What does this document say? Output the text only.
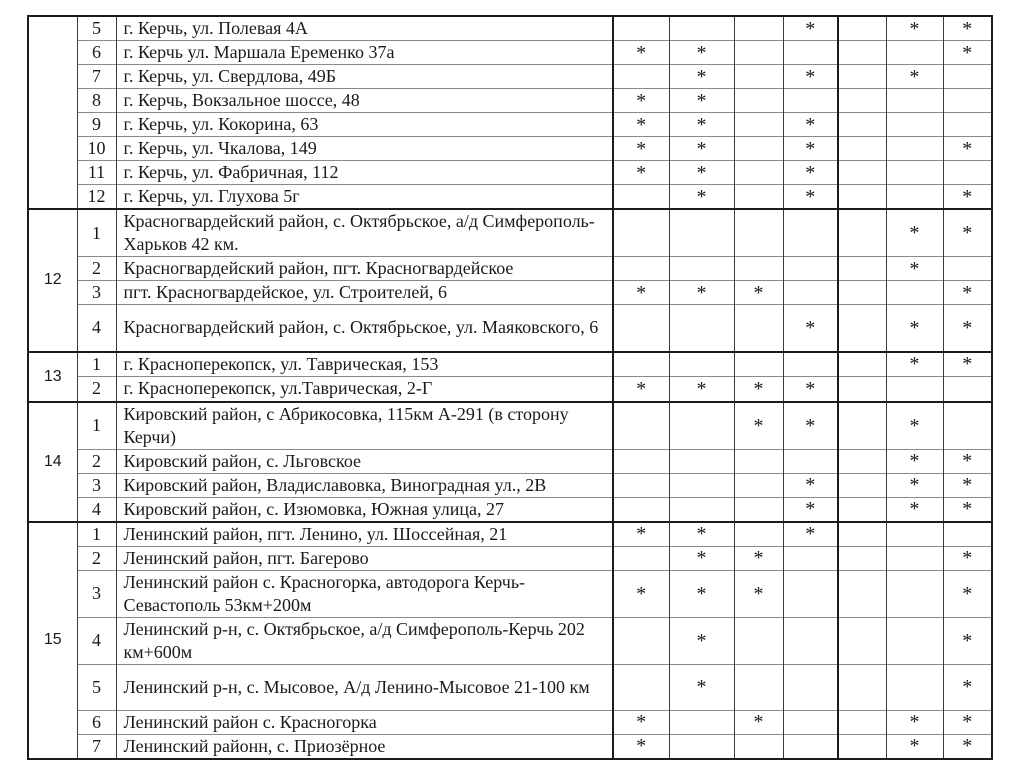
	5	г. Керчь, ул. Полевая 4А				*		*	*
	6	г. Керчь ул. Маршала Еременко 37а	*	*					*
	7	г. Керчь, ул. Свердлова, 49Б		*		*		*	
	8	г. Керчь, Вокзальное шоссе, 48	*	*					
	9	г. Керчь, ул. Кокорина, 63	*	*		*			
	10	г. Керчь, ул. Чкалова, 149	*	*		*			*
	11	г. Керчь, ул. Фабричная, 112	*	*		*			
	12	г. Керчь, ул. Глухова 5г		*		*			*
12	1	Красногвардейский район, с. Октябрьское, а/д Симферополь-Харьков 42 км.						*	*
	2	Красногвардейский район, пгт. Красногвардейское						*	
	3	пгт. Красногвардейское, ул. Строителей, 6	*	*	*				*
	4	Красногвардейский район, с. Октябрьское, ул. Маяковского, 6				*		*	*
13	1	г. Красноперекопск, ул. Таврическая, 153						*	*
	2	г. Красноперекопск, ул.Таврическая, 2-Г	*	*	*	*			
14	1	Кировский район, с Абрикосовка, 115км А-291 (в сторону Керчи)			*	*		*	
	2	Кировский район, с. Льговское						*	*
	3	Кировский район, Владиславовка, Виноградная ул., 2В				*		*	*
	4	Кировский район, с. Изюмовка, Южная улица, 27				*		*	*
15	1	Ленинский район, пгт. Ленино, ул. Шоссейная, 21	*	*		*			
	2	Ленинский район, пгт. Багерово		*	*				*
	3	Ленинский район с. Красногорка, автодорога Керчь-Севастополь 53км+200м	*	*	*				*
	4	Ленинский р-н, с. Октябрьское, а/д Симферополь-Керчь 202 км+600м		*					*
	5	Ленинский р-н, с. Мысовое, А/д Ленино-Мысовое 21-100 км		*					*
	6	Ленинский район с. Красногорка	*		*			*	*
	7	Ленинский районн, с. Приозёрное	*					*	*
